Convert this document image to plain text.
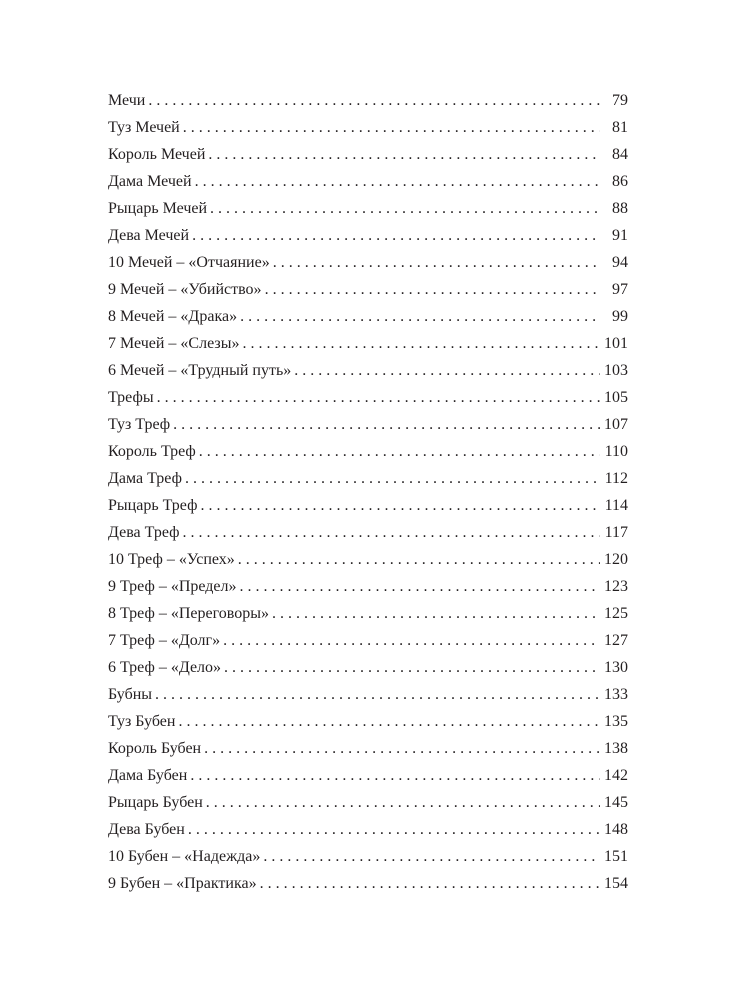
Мечи . . .	79
Туз Мечей . . .	81
Король Мечей . . .	84
Дама Мечей . . .	86
Рыцарь Мечей . . .	88
Дева Мечей . . .	91
10 Мечей – «Отчаяние» . . .	94
9 Мечей – «Убийство» . . .	97
8 Мечей – «Драка» . . .	99
7 Мечей – «Слезы» . . .	101
6 Мечей – «Трудный путь» . . .	103
Трефы . . .	105
Туз Треф . . .	107
Король Треф . . .	110
Дама Треф . . .	112
Рыцарь Треф . . .	114
Дева Треф . . .	117
10 Треф – «Успех» . . .	120
9 Треф – «Предел» . . .	123
8 Треф – «Переговоры» . . .	125
7 Треф – «Долг» . . .	127
6 Треф – «Дело» . . .	130
Бубны . . .	133
Туз Бубен . . .	135
Король Бубен . . .	138
Дама Бубен . . .	142
Рыцарь Бубен . . .	145
Дева Бубен . . .	148
10 Бубен – «Надежда» . . .	151
9 Бубен – «Практика» . . .	154
